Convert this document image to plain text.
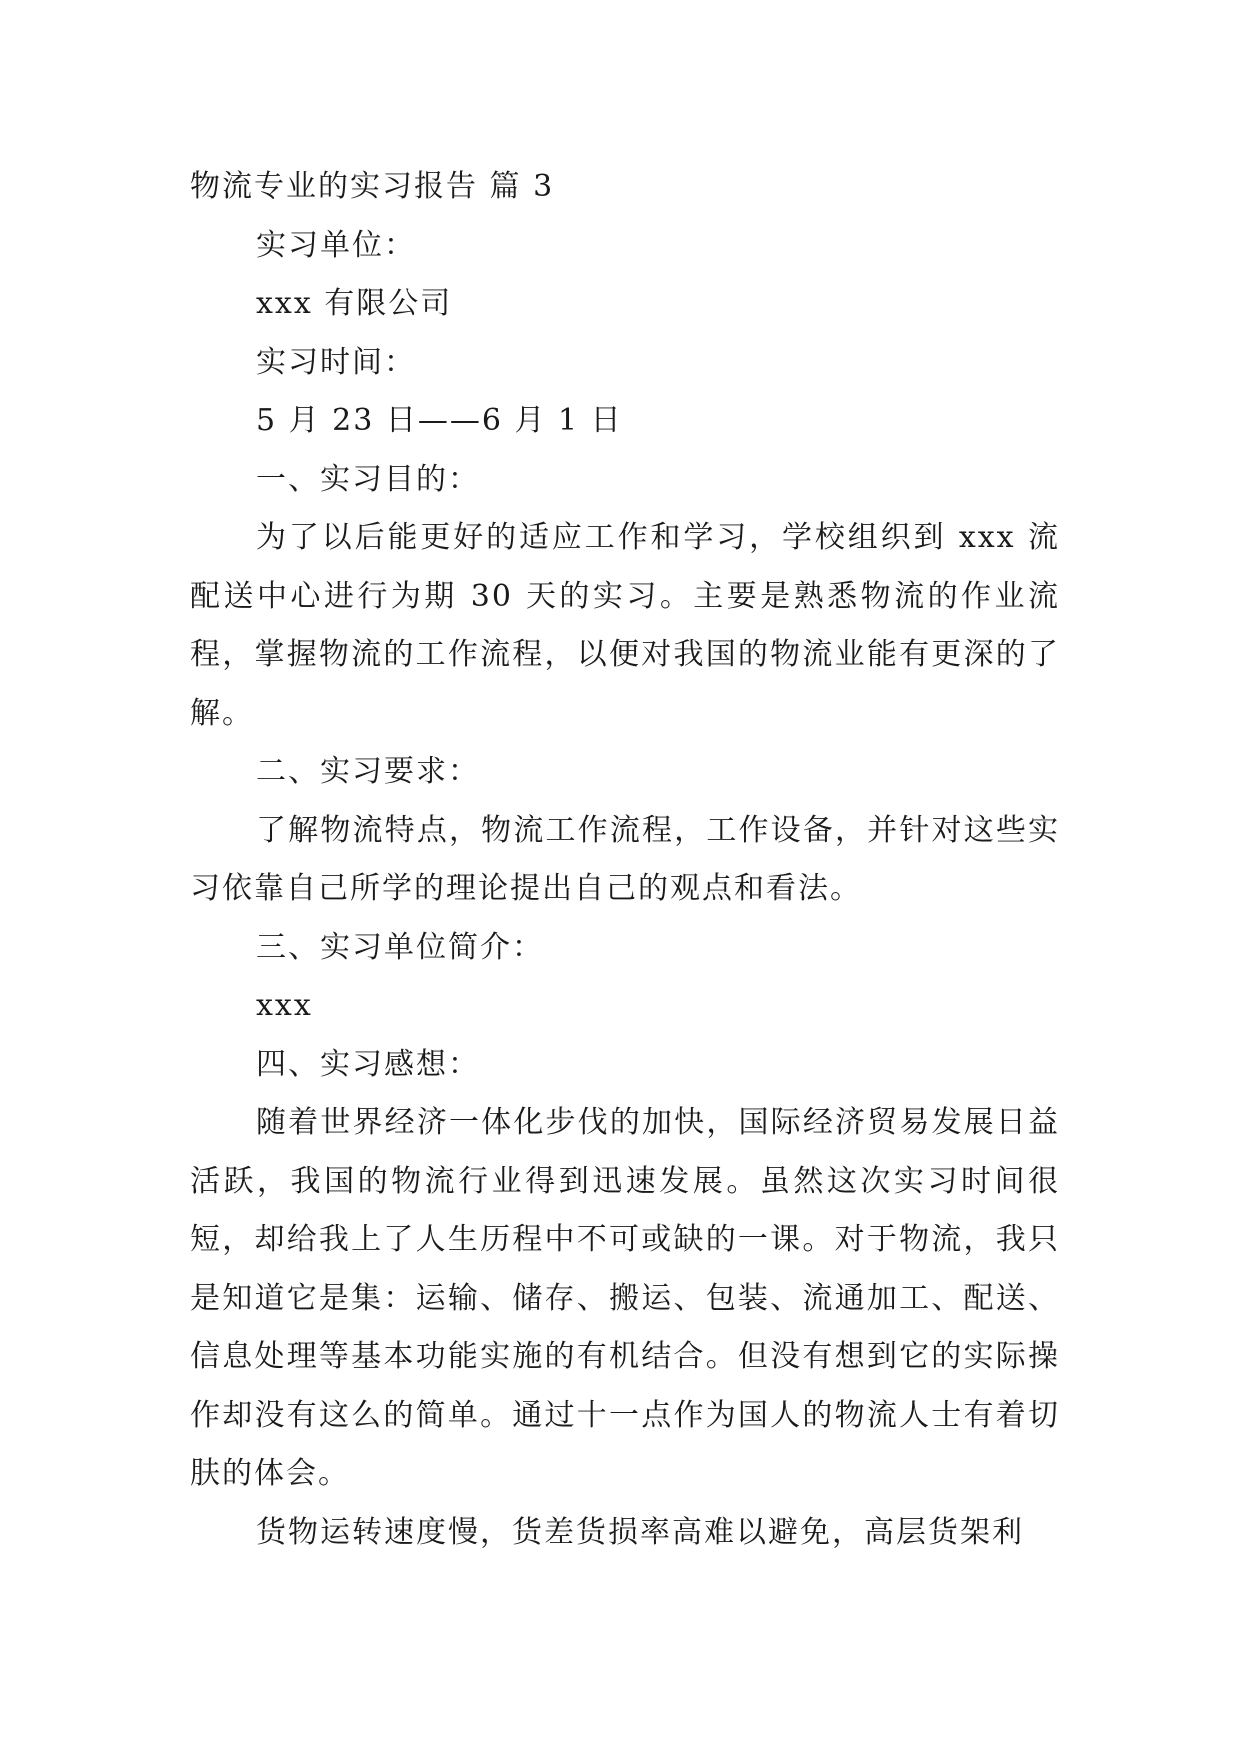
物流专业的实习报告 篇 3
实习单位：
xxx 有限公司
实习时间：
5 月 23 日——6 月 1 日
一、实习目的：

为了以后能更好的适应工作和学习，学校组织到 xxx 流配送中心进行为期 30 天的实习。主要是熟悉物流的作业流程，掌握物流的工作流程，以便对我国的物流业能有更深的了解。

二、实习要求：

了解物流特点，物流工作流程，工作设备，并针对这些实习依靠自己所学的理论提出自己的观点和看法。

三、实习单位简介：
xxx
四、实习感想：

随着世界经济一体化步伐的加快，国际经济贸易发展日益活跃，我国的物流行业得到迅速发展。虽然这次实习时间很短，却给我上了人生历程中不可或缺的一课。对于物流，我只是知道它是集：运输、储存、搬运、包装、流通加工、配送、信息处理等基本功能实施的有机结合。但没有想到它的实际操作却没有这么的简单。通过十一点作为国人的物流人士有着切肤的体会。

货物运转速度慢，货差货损率高难以避免，高层货架利
